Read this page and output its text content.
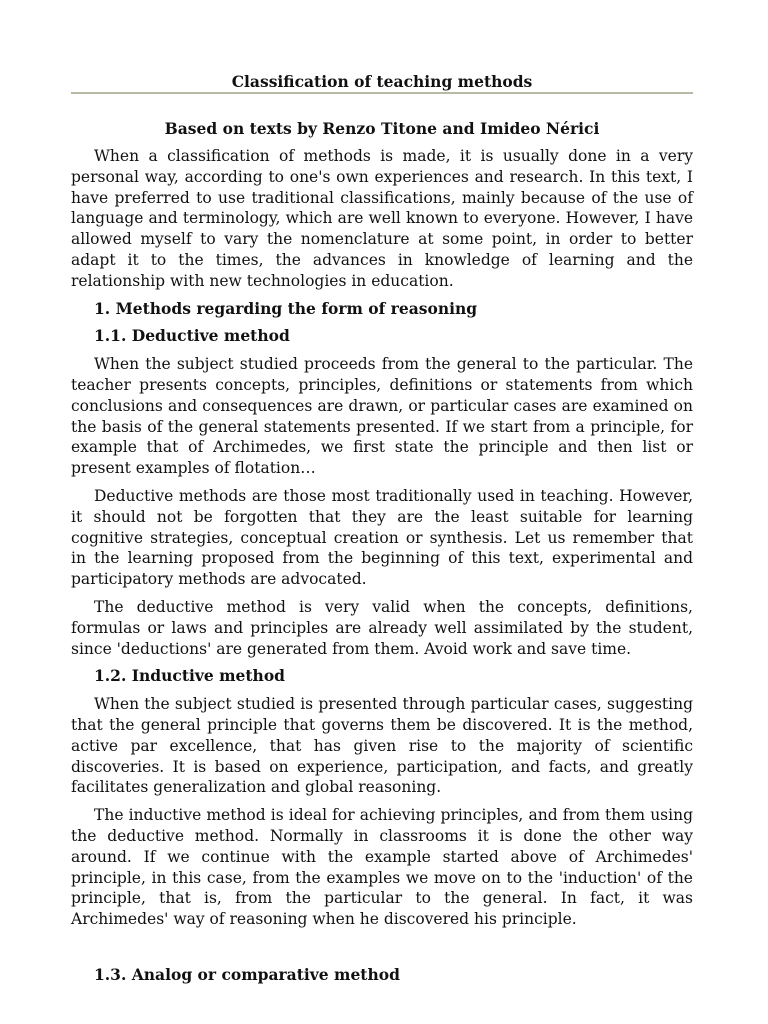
Classification of teaching methods
Based on texts by Renzo Titone and Imideo Nérici

When a classification of methods is made, it is usually done in a very personal way, according to one's own experiences and research. In this text, I have preferred to use traditional classifications, mainly because of the use of language and terminology, which are well known to everyone. However, I have allowed myself to vary the nomenclature at some point, in order to better adapt it to the times, the advances in knowledge of learning and the relationship with new technologies in education.

1. Methods regarding the form of reasoning

1.1. Deductive method

When the subject studied proceeds from the general to the particular. The teacher presents concepts, principles, definitions or statements from which conclusions and consequences are drawn, or particular cases are examined on the basis of the general statements presented. If we start from a principle, for example that of Archimedes, we first state the principle and then list or present examples of flotation…

Deductive methods are those most traditionally used in teaching. However, it should not be forgotten that they are the least suitable for learning cognitive strategies, conceptual creation or synthesis. Let us remember that in the learning proposed from the beginning of this text, experimental and participatory methods are advocated.

The deductive method is very valid when the concepts, definitions, formulas or laws and principles are already well assimilated by the student, since 'deductions' are generated from them. Avoid work and save time.

1.2. Inductive method

When the subject studied is presented through particular cases, suggesting that the general principle that governs them be discovered. It is the method, active par excellence, that has given rise to the majority of scientific discoveries. It is based on experience, participation, and facts, and greatly facilitates generalization and global reasoning.

The inductive method is ideal for achieving principles, and from them using the deductive method. Normally in classrooms it is done the other way around. If we continue with the example started above of Archimedes' principle, in this case, from the examples we move on to the 'induction' of the principle, that is, from the particular to the general. In fact, it was Archimedes' way of reasoning when he discovered his principle.

1.3. Analog or comparative method
